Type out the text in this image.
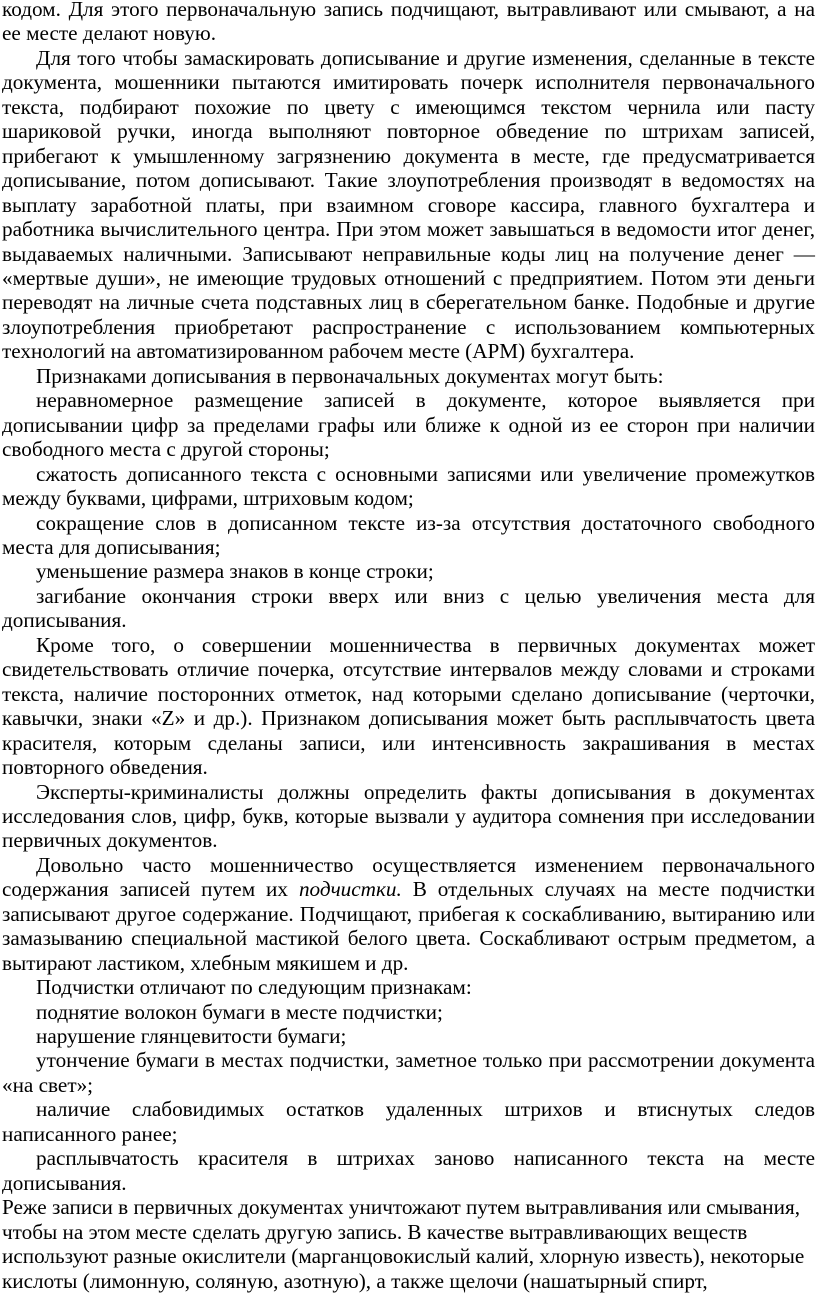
кодом. Для этого первоначальную запись подчищают, вытравливают или смывают, а на ее месте делают новую.

Для того чтобы замаскировать дописывание и другие изменения, сделанные в тексте документа, мошенники пытаются имитировать почерк исполнителя первоначального текста, подбирают похожие по цвету с имеющимся текстом чернила или пасту шариковой ручки, иногда выполняют повторное обведение по штрихам записей, прибегают к умышленному загрязнению документа в месте, где предусматривается дописывание, потом дописывают. Такие злоупотребления производят в ведомостях на выплату заработной платы, при взаимном сговоре кассира, главного бухгалтера и работника вычислительного центра. При этом может завышаться в ведомости итог денег, выдаваемых наличными. Записывают неправильные коды лиц на получение денег — «мертвые души», не имеющие трудовых отношений с предприятием. Потом эти деньги переводят на личные счета подставных лиц в сберегательном банке. Подобные и другие злоупотребления приобретают распространение с использованием компьютерных технологий на автоматизированном рабочем месте (АРМ) бухгалтера.

Признаками дописывания в первоначальных документах могут быть:

неравномерное размещение записей в документе, которое выявляется при дописывании цифр за пределами графы или ближе к одной из ее сторон при наличии свободного места с другой стороны;

сжатость дописанного текста с основными записями или увеличение промежутков между буквами, цифрами, штриховым кодом;

сокращение слов в дописанном тексте из-за отсутствия достаточного свободного места для дописывания;

уменьшение размера знаков в конце строки;

загибание окончания строки вверх или вниз с целью увеличения места для дописывания.

Кроме того, о совершении мошенничества в первичных документах может свидетельствовать отличие почерка, отсутствие интервалов между словами и строками текста, наличие посторонних отметок, над которыми сделано дописывание (черточки, кавычки, знаки «Z» и др.). Признаком дописывания может быть расплывчатость цвета красителя, которым сделаны записи, или интенсивность закрашивания в местах повторного обведения.

Эксперты-криминалисты должны определить факты дописывания в документах исследования слов, цифр, букв, которые вызвали у аудитора сомнения при исследовании первичных документов.

Довольно часто мошенничество осуществляется изменением первоначального содержания записей путем их подчистки. В отдельных случаях на месте подчистки записывают другое содержание. Подчищают, прибегая к соскабливанию, вытиранию или замазыванию специальной мастикой белого цвета. Соскабливают острым предметом, а вытирают ластиком, хлебным мякишем и др.

Подчистки отличают по следующим признакам:

поднятие волокон бумаги в месте подчистки;

нарушение глянцевитости бумаги;

утончение бумаги в местах подчистки, заметное только при рассмотрении документа «на свет»;

наличие слабовидимых остатков удаленных штрихов и втиснутых следов написанного ранее;

расплывчатость красителя в штрихах заново написанного текста на месте дописывания.

Реже записи в первичных документах уничтожают путем вытравливания или смывания, чтобы на этом месте сделать другую запись. В качестве вытравливающих веществ используют разные окислители (марганцовокислый калий, хлорную известь), некоторые кислоты (лимонную, соляную, азотную), а также щелочи (нашатырный спирт,
